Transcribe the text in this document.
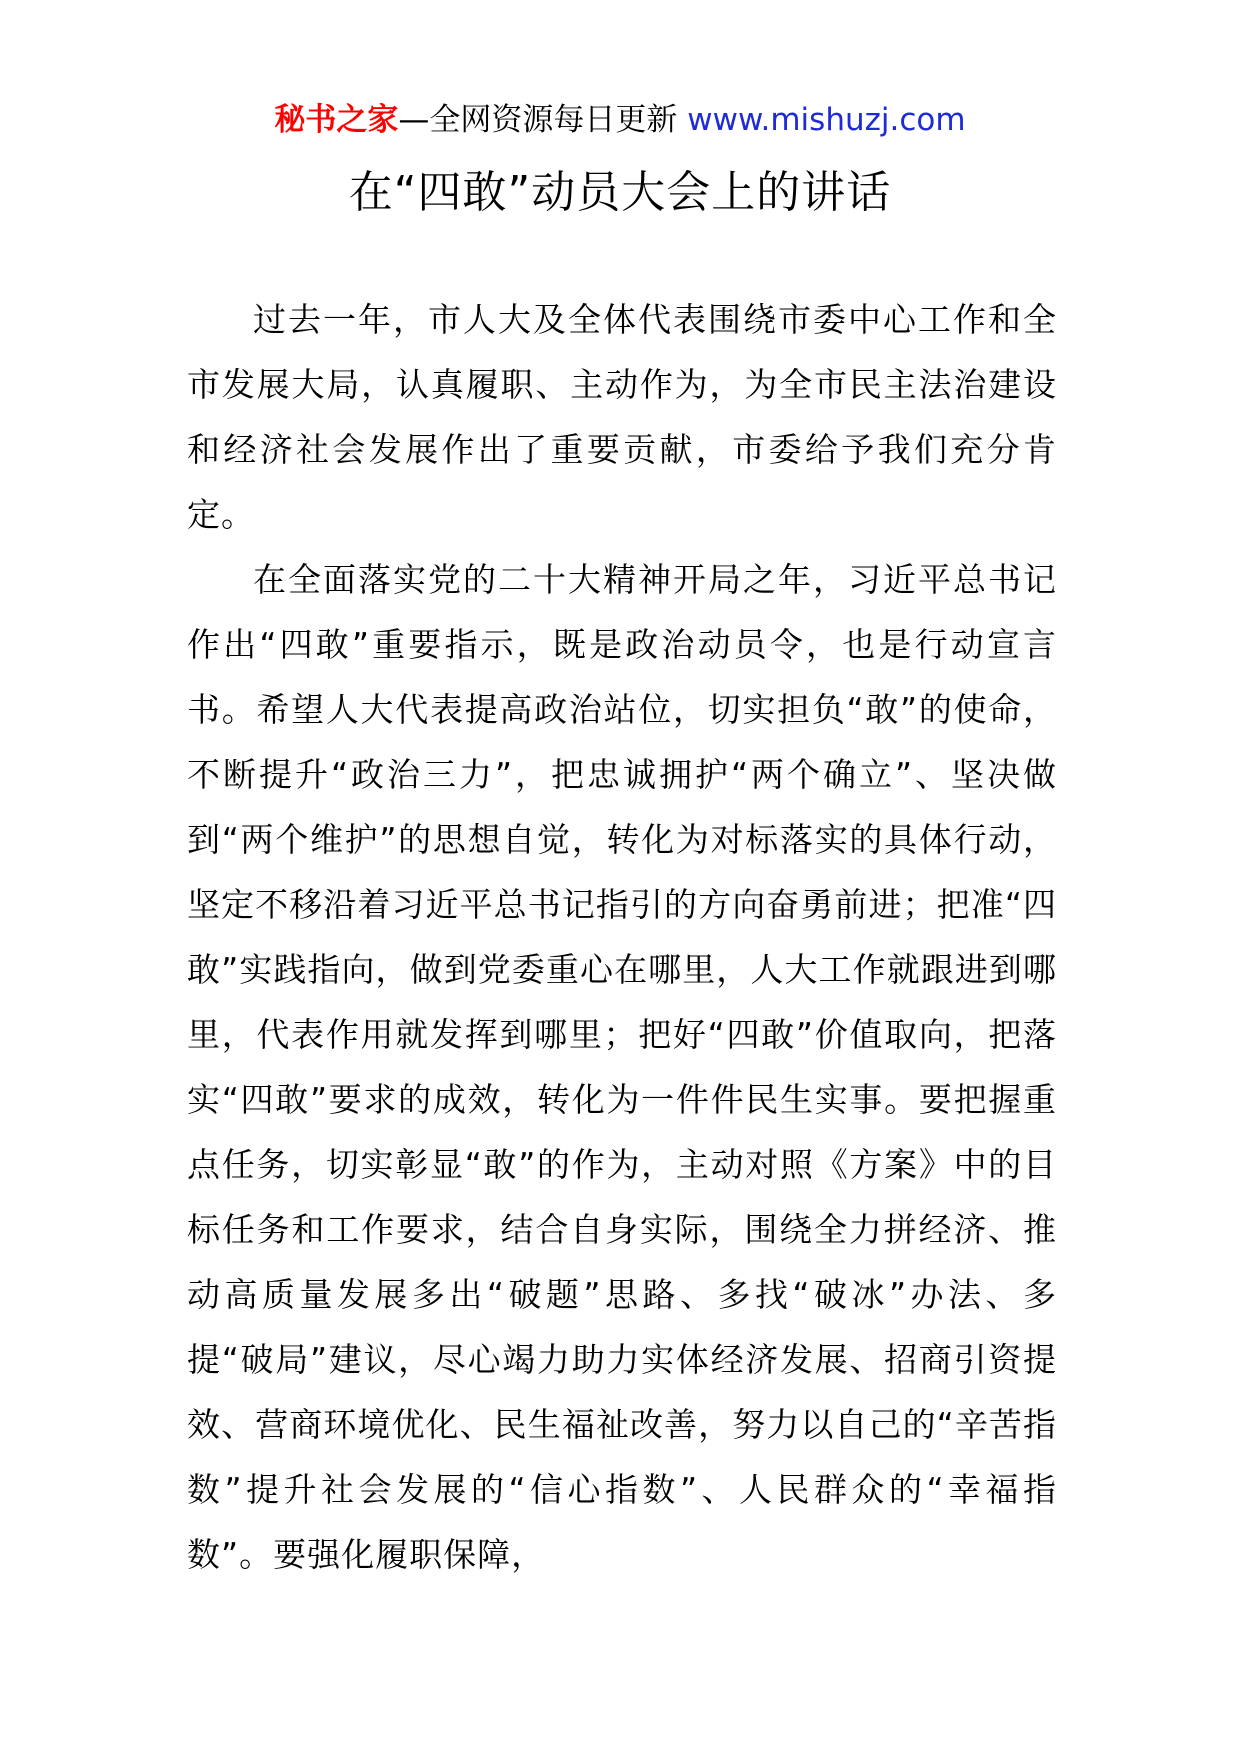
秘书之家—全网资源每日更新 www.mishuzj.com
在“四敢”动员大会上的讲话

过去一年，市人大及全体代表围绕市委中心工作和全市发展大局，认真履职、主动作为，为全市民主法治建设和经济社会发展作出了重要贡献，市委给予我们充分肯定。

在全面落实党的二十大精神开局之年，习近平总书记作出“四敢”重要指示，既是政治动员令，也是行动宣言书。希望人大代表提高政治站位，切实担负“敢”的使命，不断提升“政治三力”，把忠诚拥护“两个确立”、坚决做到“两个维护”的思想自觉，转化为对标落实的具体行动，坚定不移沿着习近平总书记指引的方向奋勇前进；把准“四敢”实践指向，做到党委重心在哪里，人大工作就跟进到哪里，代表作用就发挥到哪里；把好“四敢”价值取向，把落实“四敢”要求的成效，转化为一件件民生实事。要把握重点任务，切实彰显“敢”的作为，主动对照《方案》中的目标任务和工作要求，结合自身实际，围绕全力拼经济、推动高质量发展多出“破题”思路、多找“破冰”办法、多提“破局”建议，尽心竭力助力实体经济发展、招商引资提效、营商环境优化、民生福祉改善，努力以自己的“辛苦指数”提升社会发展的“信心指数”、人民群众的“幸福指数”。要强化履职保障，
